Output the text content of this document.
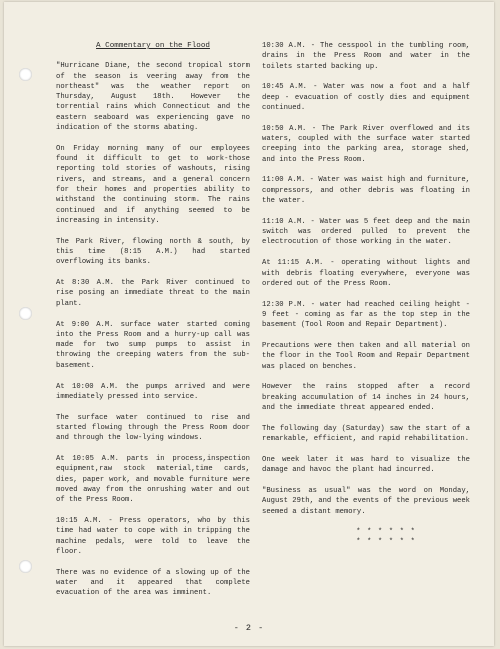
A Commentary on the Flood

"Hurricane Diane, the second tropical storm of the season is veering away from the northeast" was the weather report on Thursday, August 18th. However the torrential rains which Connecticut and the eastern seaboard was experiencing gave no indication of the storms abating.

On Friday morning many of our employees found it difficult to get to work-those reporting told stories of washouts, rising rivers, and streams, and a general concern for their homes and properties ability to withstand the continuing storm. The rains continued and if anything seemed to be increasing in intensity.

The Park River, flowing north & south, by this time (8:15 A.M.) had started overflowing its banks.

At 8:30 A.M. the Park River continued to rise posing an immediate threat to the main plant.

At 9:00 A.M. surface water started coming into the Press Room and a hurry-up call was made for two sump pumps to assist in throwing the creeping waters from the sub-basement.

At 10:00 A.M. the pumps arrived and were immediately pressed into service.

The surface water continued to rise and started flowing through the Press Room door and through the low-lying windows.

At 10:05 A.M. parts in process,inspection equipment,raw stock material,time cards, dies, paper work, and movable furniture were moved away from the onrushing water and out of the Press Room.

10:15 A.M. - Press operators, who by this time had water to cope with in tripping the machine pedals, were told to leave the floor.

There was no evidence of a slowing up of the water and it appeared that complete evacuation of the area was imminent.

10:30 A.M. - The cesspool in the tumbling room, drains in the Press Room and water in the toilets started backing up.

10:45 A.M. - Water was now a foot and a half deep - evacuation of costly dies and equipment continued.

10:50 A.M. - The Park River overflowed and its waters, coupled with the surface water started creeping into the parking area, storage shed, and into the Press Room.

11:00 A.M. - Water was waist high and furniture, compressors, and other debris was floating in the water.

11:10 A.M. - Water was 5 feet deep and the main switch was ordered pulled to prevent the electrocution of those working in the water.

At 11:15 A.M. - operating without lights and with debris floating everywhere, everyone was ordered out of the Press Room.

12:30 P.M. - water had reached ceiling height - 9 feet - coming as far as the top step in the basement (Tool Room and Repair Department).

Precautions were then taken and all material on the floor in the Tool Room and Repair Department was placed on benches.

However the rains stopped after a record breaking accumulation of 14 inches in 24 hours, and the immediate threat appeared ended.

The following day (Saturday) saw the start of a remarkable, efficient, and rapid rehabilitation.

One week later it was hard to visualize the damage and havoc the plant had incurred.

"Business as usual" was the word on Monday, August 29th, and the events of the previous week seemed a distant memory.

* * * * * *
* * * * * *
- 2 -
